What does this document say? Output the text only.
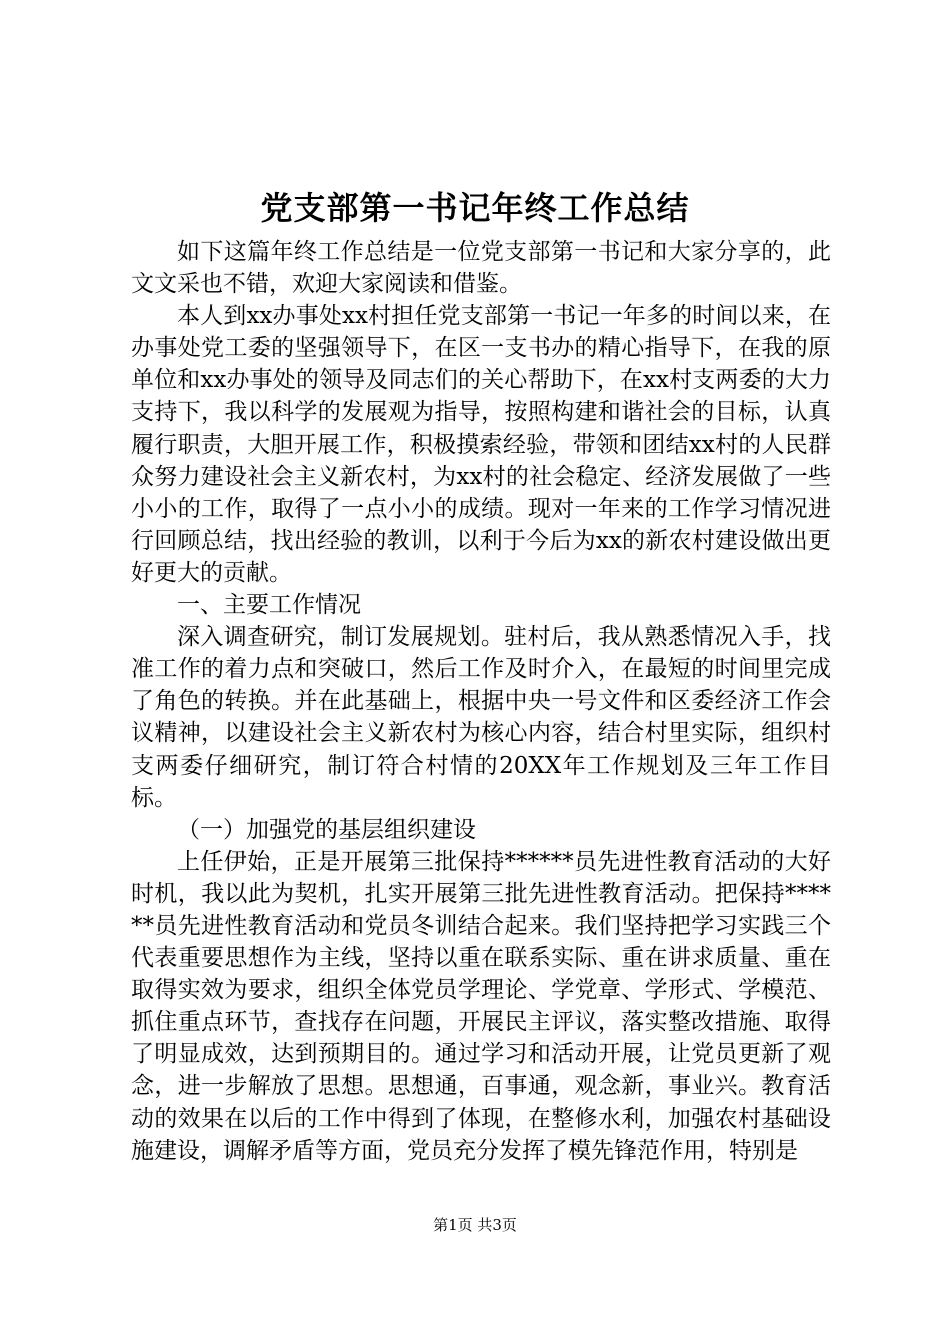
党支部第一书记年终工作总结

如下这篇年终工作总结是一位党支部第一书记和大家分享的，此文文采也不错，欢迎大家阅读和借鉴。

本人到xx办事处xx村担任党支部第一书记一年多的时间以来，在办事处党工委的坚强领导下，在区一支书办的精心指导下，在我的原单位和xx办事处的领导及同志们的关心帮助下，在xx村支两委的大力支持下，我以科学的发展观为指导，按照构建和谐社会的目标，认真履行职责，大胆开展工作，积极摸索经验，带领和团结xx村的人民群众努力建设社会主义新农村，为xx村的社会稳定、经济发展做了一些小小的工作，取得了一点小小的成绩。现对一年来的工作学习情况进行回顾总结，找出经验的教训，以利于今后为xx的新农村建设做出更好更大的贡献。

一、主要工作情况

深入调查研究，制订发展规划。驻村后，我从熟悉情况入手，找准工作的着力点和突破口，然后工作及时介入，在最短的时间里完成了角色的转换。并在此基础上，根据中央一号文件和区委经济工作会议精神，以建设社会主义新农村为核心内容，结合村里实际，组织村支两委仔细研究，制订符合村情的20XX年工作规划及三年工作目标。

（一）加强党的基层组织建设

上任伊始，正是开展第三批保持******员先进性教育活动的大好时机，我以此为契机，扎实开展第三批先进性教育活动。把保持******员先进性教育活动和党员冬训结合起来。我们坚持把学习实践三个代表重要思想作为主线，坚持以重在联系实际、重在讲求质量、重在取得实效为要求，组织全体党员学理论、学党章、学形式、学模范、抓住重点环节，查找存在问题，开展民主评议，落实整改措施、取得了明显成效，达到预期目的。通过学习和活动开展，让党员更新了观念，进一步解放了思想。思想通，百事通，观念新，事业兴。教育活动的效果在以后的工作中得到了体现，在整修水利，加强农村基础设施建设，调解矛盾等方面，党员充分发挥了模先锋范作用，特别是

第1页 共3页
